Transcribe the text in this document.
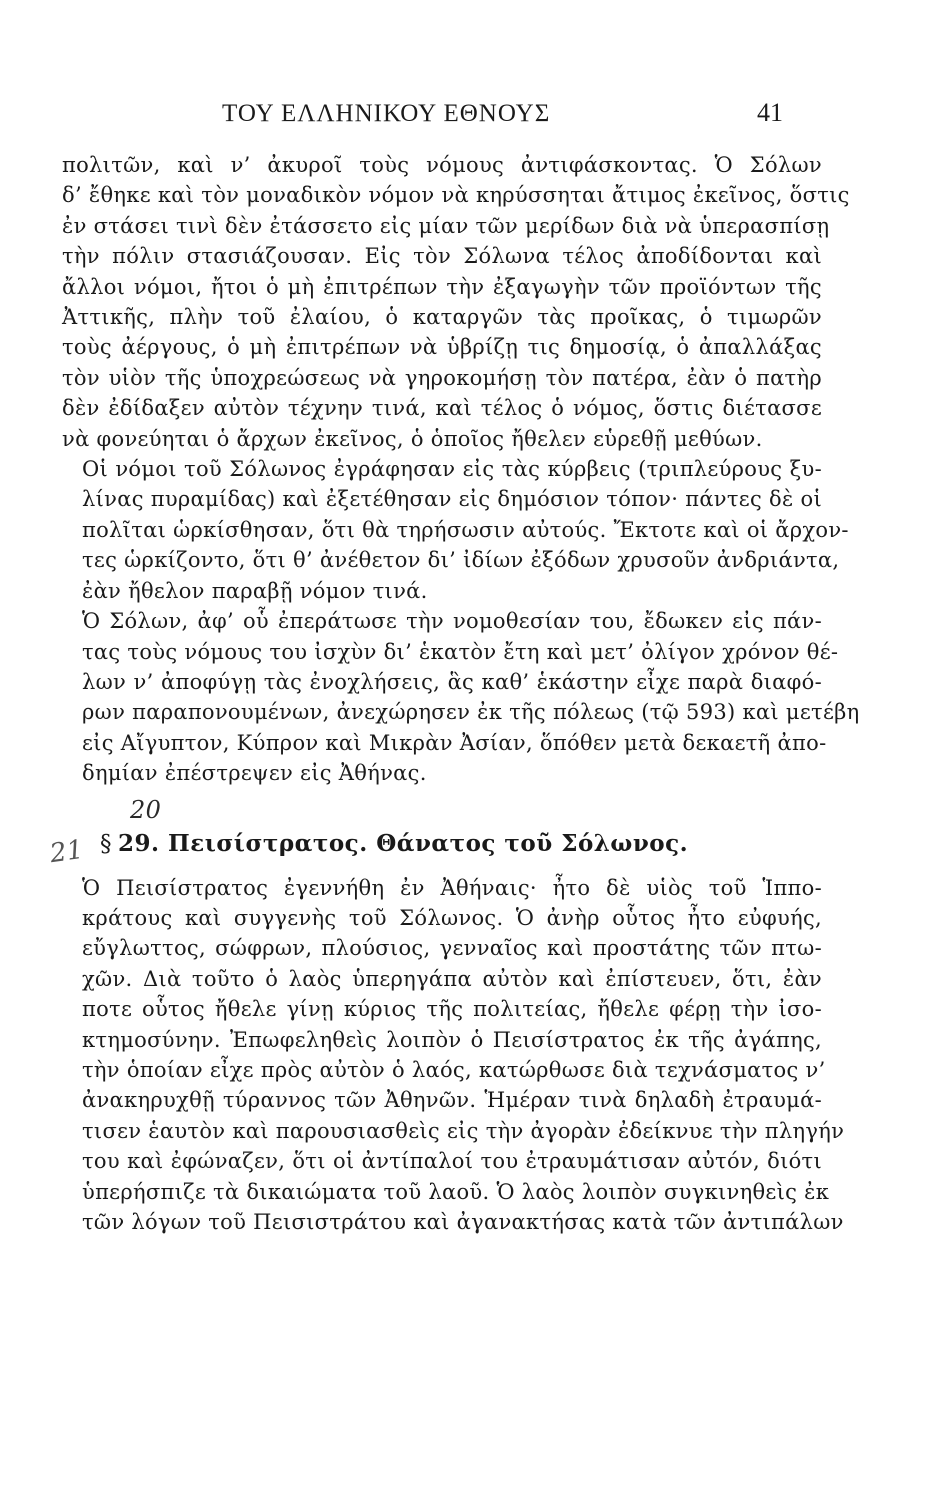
ΤΟΥ ΕΛΛΗΝΙΚΟΥ ΕΘΝΟΥΣ	41

πολιτῶν, καὶ ν’ ἀκυροῖ τοὺς νόμους ἀντιφάσκοντας. Ὁ Σόλων
δ’ ἔθηκε καὶ τὸν μοναδικὸν νόμον νὰ κηρύσσηται ἄτιμος ἐκεῖνος, ὅστις
ἐν στάσει τινὶ δὲν ἐτάσσετο εἰς μίαν τῶν μερίδων διὰ νὰ ὑπερασπίσῃ
τὴν πόλιν στασιάζουσαν. Εἰς τὸν Σόλωνα τέλος ἀποδίδονται καὶ
ἄλλοι νόμοι, ἤτοι ὁ μὴ ἐπιτρέπων τὴν ἐξαγωγὴν τῶν προϊόντων τῆς
Ἀττικῆς, πλὴν τοῦ ἐλαίου, ὁ καταργῶν τὰς προῖκας, ὁ τιμωρῶν
τοὺς ἀέργους, ὁ μὴ ἐπιτρέπων νὰ ὑβρίζῃ τις δημοσίᾳ, ὁ ἀπαλλάξας
τὸν υἱὸν τῆς ὑποχρεώσεως νὰ γηροκομήσῃ τὸν πατέρα, ἐὰν ὁ πατὴρ
δὲν ἐδίδαξεν αὐτὸν τέχνην τινά, καὶ τέλος ὁ νόμος, ὅστις διέτασσε
νὰ φονεύηται ὁ ἄρχων ἐκεῖνος, ὁ ὁποῖος ἤθελεν εὑρεθῇ μεθύων.

Οἱ νόμοι τοῦ Σόλωνος ἐγράφησαν εἰς τὰς κύρβεις (τριπλεύρους ξυ-
λίνας πυραμίδας) καὶ ἐξετέθησαν εἰς δημόσιον τόπον· πάντες δὲ οἱ
πολῖται ὡρκίσθησαν, ὅτι θὰ τηρήσωσιν αὐτούς. Ἔκτοτε καὶ οἱ ἄρχον-
τες ὡρκίζοντο, ὅτι θ’ ἀνέθετον δι’ ἰδίων ἐξόδων χρυσοῦν ἀνδριάντα,
ἐὰν ἤθελον παραβῇ νόμον τινά.

Ὁ Σόλων, ἀφ’ οὗ ἐπεράτωσε τὴν νομοθεσίαν του, ἔδωκεν εἰς πάν-
τας τοὺς νόμους του ἰσχὺν δι’ ἑκατὸν ἔτη καὶ μετ’ ὀλίγον χρόνον θέ-
λων ν’ ἀποφύγῃ τὰς ἐνοχλήσεις, ἃς καθ’ ἑκάστην εἶχε παρὰ διαφό-
ρων παραπονουμένων, ἀνεχώρησεν ἐκ τῆς πόλεως (τῷ 593) καὶ μετέβη
εἰς Αἴγυπτον, Κύπρον καὶ Μικρὰν Ἀσίαν, ὅπόθεν μετὰ δεκαετῆ ἀπο-
δημίαν ἐπέστρεψεν εἰς Ἀθήνας.

20
21 § 29. Πεισίστρατος. Θάνατος τοῦ Σόλωνος.

Ὁ Πεισίστρατος ἐγεννήθη ἐν Ἀθήναις· ἦτο δὲ υἱὸς τοῦ Ἱππο-
κράτους καὶ συγγενὴς τοῦ Σόλωνος. Ὁ ἀνὴρ οὗτος ἦτο εὐφυής,
εὔγλωττος, σώφρων, πλούσιος, γενναῖος καὶ προστάτης τῶν πτω-
χῶν. Διὰ τοῦτο ὁ λαὸς ὑπερηγάπα αὐτὸν καὶ ἐπίστευεν, ὅτι, ἐὰν
ποτε οὗτος ἤθελε γίνῃ κύριος τῆς πολιτείας, ἤθελε φέρῃ τὴν ἰσο-
κτημοσύνην. Ἐπωφεληθεὶς λοιπὸν ὁ Πεισίστρατος ἐκ τῆς ἀγάπης,
τὴν ὁποίαν εἶχε πρὸς αὐτὸν ὁ λαός, κατώρθωσε διὰ τεχνάσματος ν’
ἀνακηρυχθῇ τύραννος τῶν Ἀθηνῶν. Ἡμέραν τινὰ δηλαδὴ ἐτραυμά-
τισεν ἑαυτὸν καὶ παρουσιασθεὶς εἰς τὴν ἀγορὰν ἐδείκνυε τὴν πληγήν
του καὶ ἐφώναζεν, ὅτι οἱ ἀντίπαλοί του ἐτραυμάτισαν αὐτόν, διότι
ὑπερήσπιζε τὰ δικαιώματα τοῦ λαοῦ. Ὁ λαὸς λοιπὸν συγκινηθεὶς ἐκ
τῶν λόγων τοῦ Πεισιστράτου καὶ ἀγανακτήσας κατὰ τῶν ἀντιπάλων
